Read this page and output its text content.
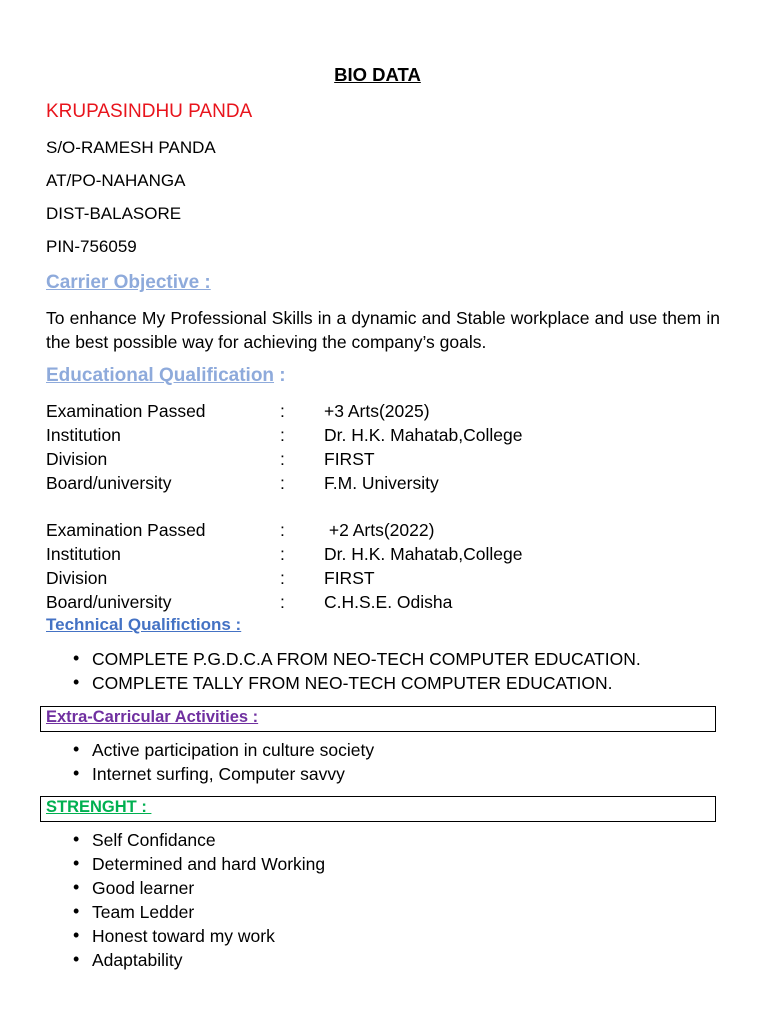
BIO DATA
KRUPASINDHU PANDA
S/O-RAMESH PANDA
AT/PO-NAHANGA
DIST-BALASORE
PIN-756059
Carrier Objective :
To enhance My Professional Skills in a dynamic and Stable workplace and use them in the best possible way for achieving the company’s goals.
Educational Qualification :
Examination Passed	: +3 Arts(2025)
Institution	: Dr. H.K. Mahatab,College
Division	: FIRST
Board/university	: F.M. University
Examination Passed	: +2 Arts(2022)
Institution	: Dr. H.K. Mahatab,College
Division	: FIRST
Board/university	: C.H.S.E. Odisha
Technical Qualifictions :
• COMPLETE P.G.D.C.A FROM NEO-TECH COMPUTER EDUCATION.
• COMPLETE TALLY FROM NEO-TECH COMPUTER EDUCATION.
Extra-Carricular Activities :
• Active participation in culture society
• Internet surfing, Computer savvy
STRENGHT :
• Self Confidance
• Determined and hard Working
• Good learner
• Team Ledder
• Honest toward my work
• Adaptability
